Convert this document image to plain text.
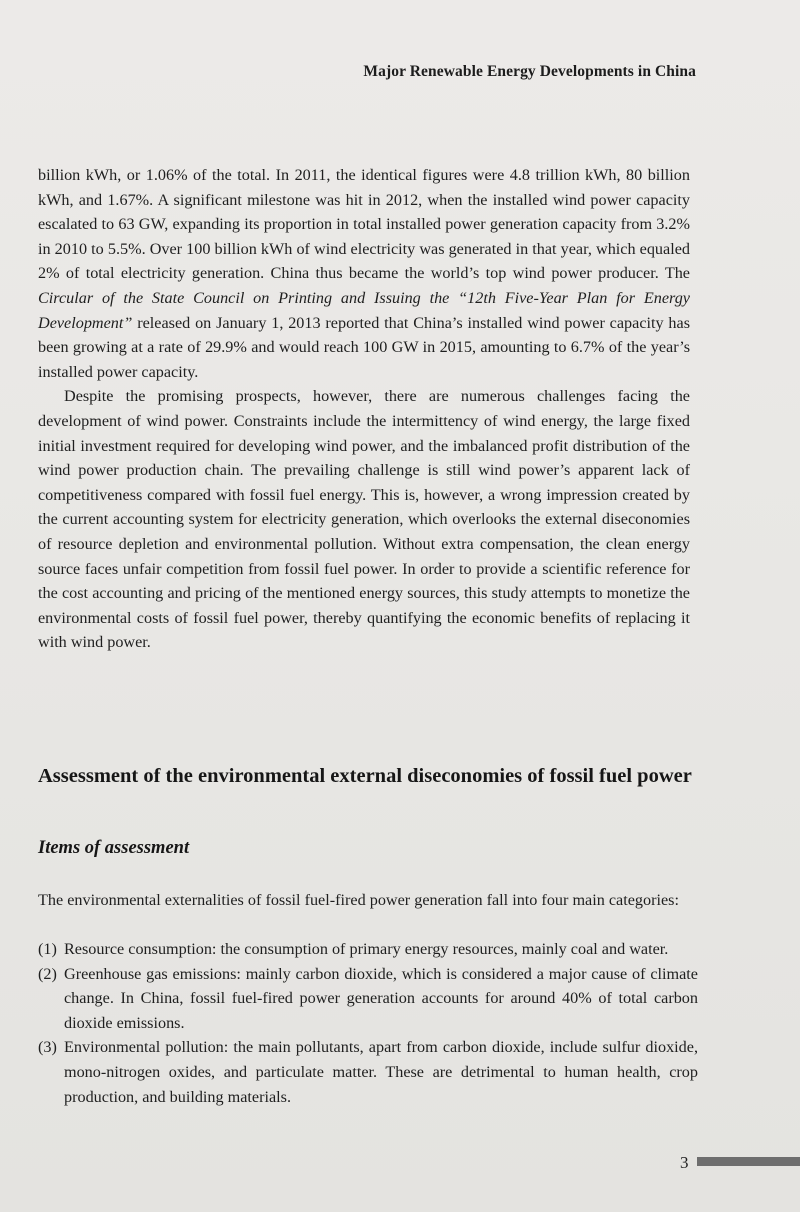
Major Renewable Energy Developments in China

billion kWh, or 1.06% of the total. In 2011, the identical figures were 4.8 trillion kWh, 80 billion kWh, and 1.67%. A significant milestone was hit in 2012, when the installed wind power capacity escalated to 63 GW, expanding its proportion in total installed power generation capacity from 3.2% in 2010 to 5.5%. Over 100 billion kWh of wind electricity was generated in that year, which equaled 2% of total electricity generation. China thus became the world’s top wind power producer. The Circular of the State Council on Printing and Issuing the “12th Five-Year Plan for Energy Development” released on January 1, 2013 reported that China’s installed wind power capacity has been growing at a rate of 29.9% and would reach 100 GW in 2015, amounting to 6.7% of the year’s installed power capacity.

Despite the promising prospects, however, there are numerous challenges facing the development of wind power. Constraints include the intermittency of wind energy, the large fixed initial investment required for developing wind power, and the imbalanced profit distribution of the wind power production chain. The prevailing challenge is still wind power’s apparent lack of competitiveness compared with fossil fuel energy. This is, however, a wrong impression created by the current accounting system for electricity generation, which overlooks the external diseconomies of resource depletion and environmental pollution. Without extra compensation, the clean energy source faces unfair competition from fossil fuel power. In order to provide a scientific reference for the cost accounting and pricing of the mentioned energy sources, this study attempts to monetize the environmental costs of fossil fuel power, thereby quantifying the economic benefits of replacing it with wind power.

Assessment of the environmental external diseconomies of fossil fuel power
Items of assessment
The environmental externalities of fossil fuel-fired power generation fall into four main categories:
(1) Resource consumption: the consumption of primary energy resources, mainly coal and water.
(2) Greenhouse gas emissions: mainly carbon dioxide, which is considered a major cause of climate change. In China, fossil fuel-fired power generation accounts for around 40% of total carbon dioxide emissions.
(3) Environmental pollution: the main pollutants, apart from carbon dioxide, include sulfur dioxide, mono-nitrogen oxides, and particulate matter. These are detrimental to human health, crop production, and building materials.
3
